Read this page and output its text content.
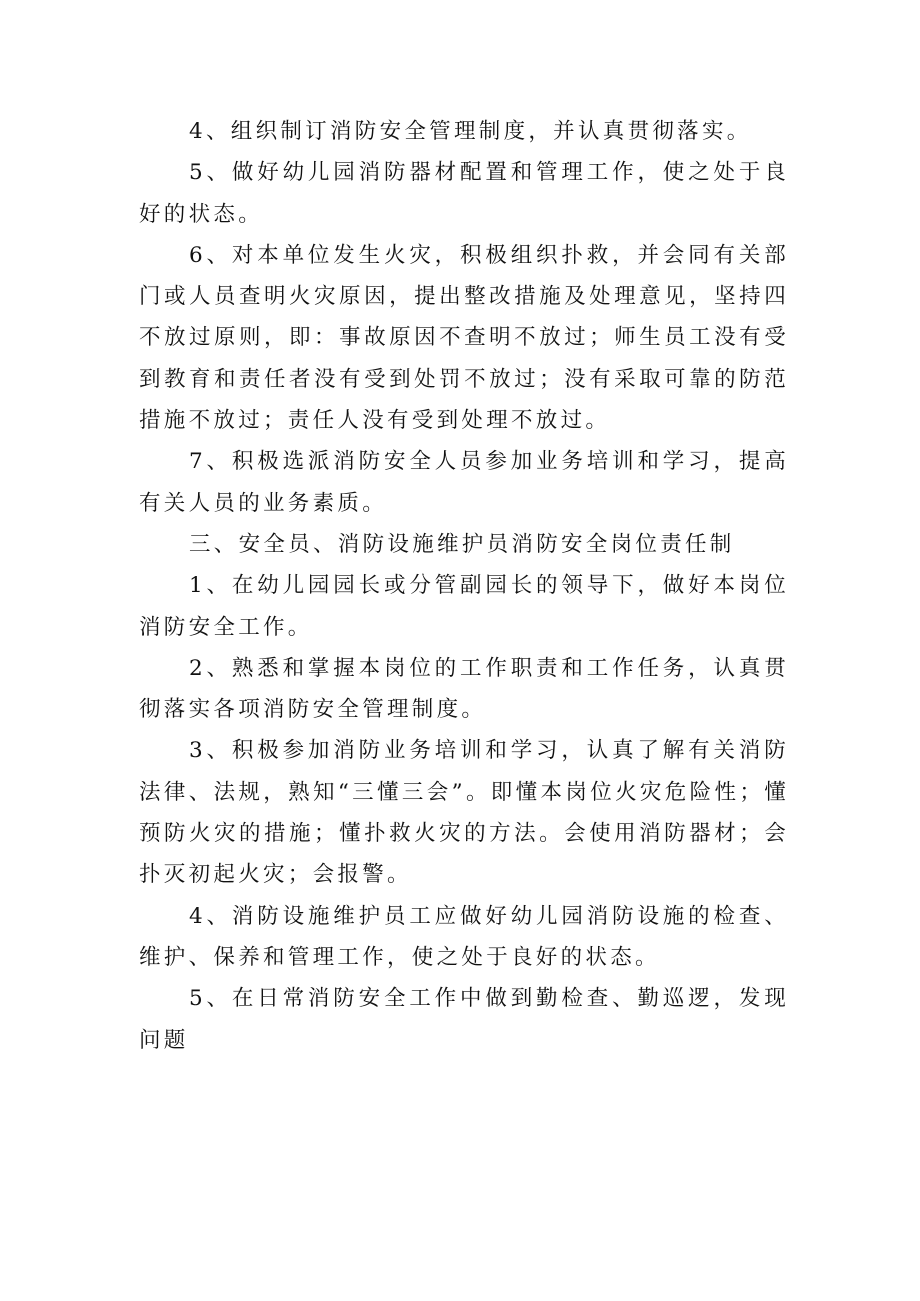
4、组织制订消防安全管理制度，并认真贯彻落实。

5、做好幼儿园消防器材配置和管理工作，使之处于良好的状态。

6、对本单位发生火灾，积极组织扑救，并会同有关部门或人员查明火灾原因，提出整改措施及处理意见，坚持四不放过原则，即：事故原因不查明不放过；师生员工没有受到教育和责任者没有受到处罚不放过；没有采取可靠的防范措施不放过；责任人没有受到处理不放过。

7、积极选派消防安全人员参加业务培训和学习，提高有关人员的业务素质。

三、安全员、消防设施维护员消防安全岗位责任制

1、在幼儿园园长或分管副园长的领导下，做好本岗位消防安全工作。

2、熟悉和掌握本岗位的工作职责和工作任务，认真贯彻落实各项消防安全管理制度。

3、积极参加消防业务培训和学习，认真了解有关消防法律、法规，熟知“三懂三会”。即懂本岗位火灾危险性；懂预防火灾的措施；懂扑救火灾的方法。会使用消防器材；会扑灭初起火灾；会报警。

4、消防设施维护员工应做好幼儿园消防设施的检查、维护、保养和管理工作，使之处于良好的状态。

5、在日常消防安全工作中做到勤检查、勤巡逻，发现问题
